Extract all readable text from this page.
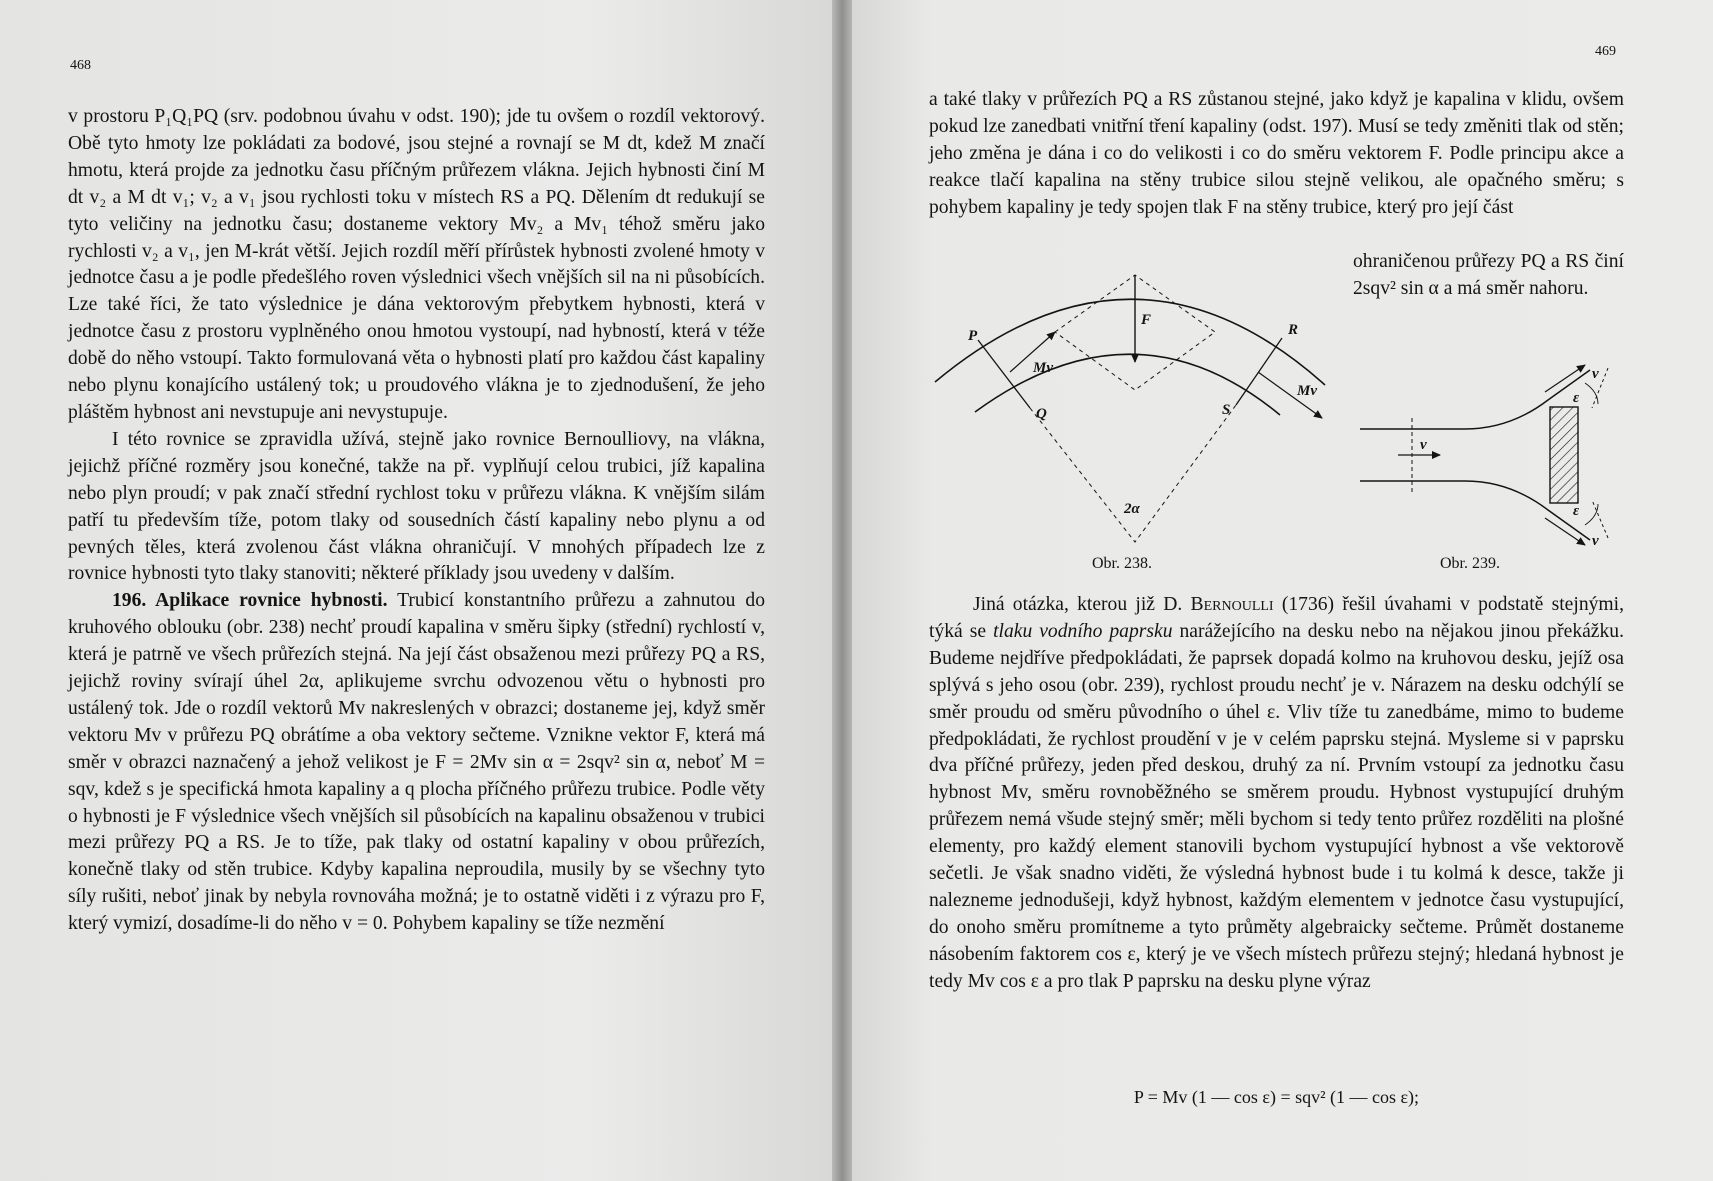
468
469

v prostoru P₁Q₁PQ (srv. podobnou úvahu v odst. 190); jde tu ovšem o rozdíl vektorový. Obě tyto hmoty lze pokládati za bodové, jsou stejné a rovnají se M dt, kdež M značí hmotu, která projde za jednotku času příčným průřezem vlákna. Jejich hybnosti činí M dt v₂ a M dt v₁; v₂ a v₁ jsou rychlosti toku v místech RS a PQ. Dělením dt redukují se tyto veličiny na jednotku času; dostaneme vektory Mv₂ a Mv₁ téhož směru jako rychlosti v₂ a v₁, jen M-krát větší. Jejich rozdíl měří přírůstek hybnosti zvolené hmoty v jednotce času a je podle předešlého roven výslednici všech vnějších sil na ni působících. Lze také říci, že tato výslednice je dána vektorovým přebytkem hybnosti, která v jednotce času z prostoru vyplněného onou hmotou vystoupí, nad hybností, která v téže době do něho vstoupí. Takto formulovaná věta o hybnosti platí pro každou část kapaliny nebo plynu konajícího ustálený tok; u proudového vlákna je to zjednodušení, že jeho pláštěm hybnost ani nevstupuje ani nevystupuje.

I této rovnice se zpravidla užívá, stejně jako rovnice Bernoulliovy, na vlákna, jejichž příčné rozměry jsou konečné, takže na př. vyplňují celou trubici, jíž kapalina nebo plyn proudí; v pak značí střední rychlost toku v průřezu vlákna. K vnějším silám patří tu především tíže, potom tlaky od sousedních částí kapaliny nebo plynu a od pevných těles, která zvolenou část vlákna ohraničují. V mnohých případech lze z rovnice hybnosti tyto tlaky stanoviti; některé příklady jsou uvedeny v dalším.

196. Aplikace rovnice hybnosti. Trubicí konstantního průřezu a zahnutou do kruhového oblouku (obr. 238) nechť proudí kapalina v směru šipky (střední) rychlostí v, která je patrně ve všech průřezích stejná. Na její část obsaženou mezi průřezy PQ a RS, jejichž roviny svírají úhel 2α, aplikujeme svrchu odvozenou větu o hybnosti pro ustálený tok. Jde o rozdíl vektorů Mv nakreslených v obrazci; dostaneme jej, když směr vektoru Mv v průřezu PQ obrátíme a oba vektory sečteme. Vznikne vektor F, která má směr v obrazci naznačený a jehož velikost je F = 2Mv sin α = 2sqv² sin α, neboť M = sqv, kdež s je specifická hmota kapaliny a q plocha příčného průřezu trubice. Podle věty o hybnosti je F výslednice všech vnějších sil působících na kapalinu obsaženou v trubici mezi průřezy PQ a RS. Je to tíže, pak tlaky od ostatní kapaliny v obou průřezích, konečně tlaky od stěn trubice. Kdyby kapalina neproudila, musily by se všechny tyto síly rušiti, neboť jinak by nebyla rovnováha možná; je to ostatně viděti i z výrazu pro F, který vymizí, dosadíme-li do něho v = 0. Pohybem kapaliny se tíže nezmění

a také tlaky v průřezích PQ a RS zůstanou stejné, jako když je kapalina v klidu, ovšem pokud lze zanedbati vnitřní tření kapaliny (odst. 197). Musí se tedy změniti tlak od stěn; jeho změna je dána i co do velikosti i co do směru vektorem F. Podle principu akce a reakce tlačí kapalina na stěny trubice silou stejně velikou, ale opačného směru; s pohybem kapaliny je tedy spojen tlak F na stěny trubice, který pro její část

ohraničenou průřezy PQ a RS činí 2sqv² sin α a má směr nahoru.

P	R
Q	S
F
Mv
Mv
2α
v
ε
v
ε
v
Obr. 238.	Obr. 239.

Jiná otázka, kterou již D. Bernoulli (1736) řešil úvahami v podstatě stejnými, týká se tlaku vodního paprsku narážejícího na desku nebo na nějakou jinou překážku. Budeme nejdříve předpokládati, že paprsek dopadá kolmo na kruhovou desku, jejíž osa splývá s jeho osou (obr. 239), rychlost proudu nechť je v. Nárazem na desku odchýlí se směr proudu od směru původního o úhel ε. Vliv tíže tu zanedbáme, mimo to budeme předpokládati, že rychlost proudění v je v celém paprsku stejná. Mysleme si v paprsku dva příčné průřezy, jeden před deskou, druhý za ní. Prvním vstoupí za jednotku času hybnost Mv, směru rovnoběžného se směrem proudu. Hybnost vystupující druhým průřezem nemá všude stejný směr; měli bychom si tedy tento průřez rozděliti na plošné elementy, pro každý element stanovili bychom vystupující hybnost a vše vektorově sečetli. Je však snadno viděti, že výsledná hybnost bude i tu kolmá k desce, takže ji nalezneme jednodušeji, když hybnost, každým elementem v jednotce času vystupující, do onoho směru promítneme a tyto průměty algebraicky sečteme. Průmět dostaneme násobením faktorem cos ε, který je ve všech místech průřezu stejný; hledaná hybnost je tedy Mv cos ε a pro tlak P paprsku na desku plyne výraz

P = Mv (1 — cos ε) = sqv² (1 — cos ε);
